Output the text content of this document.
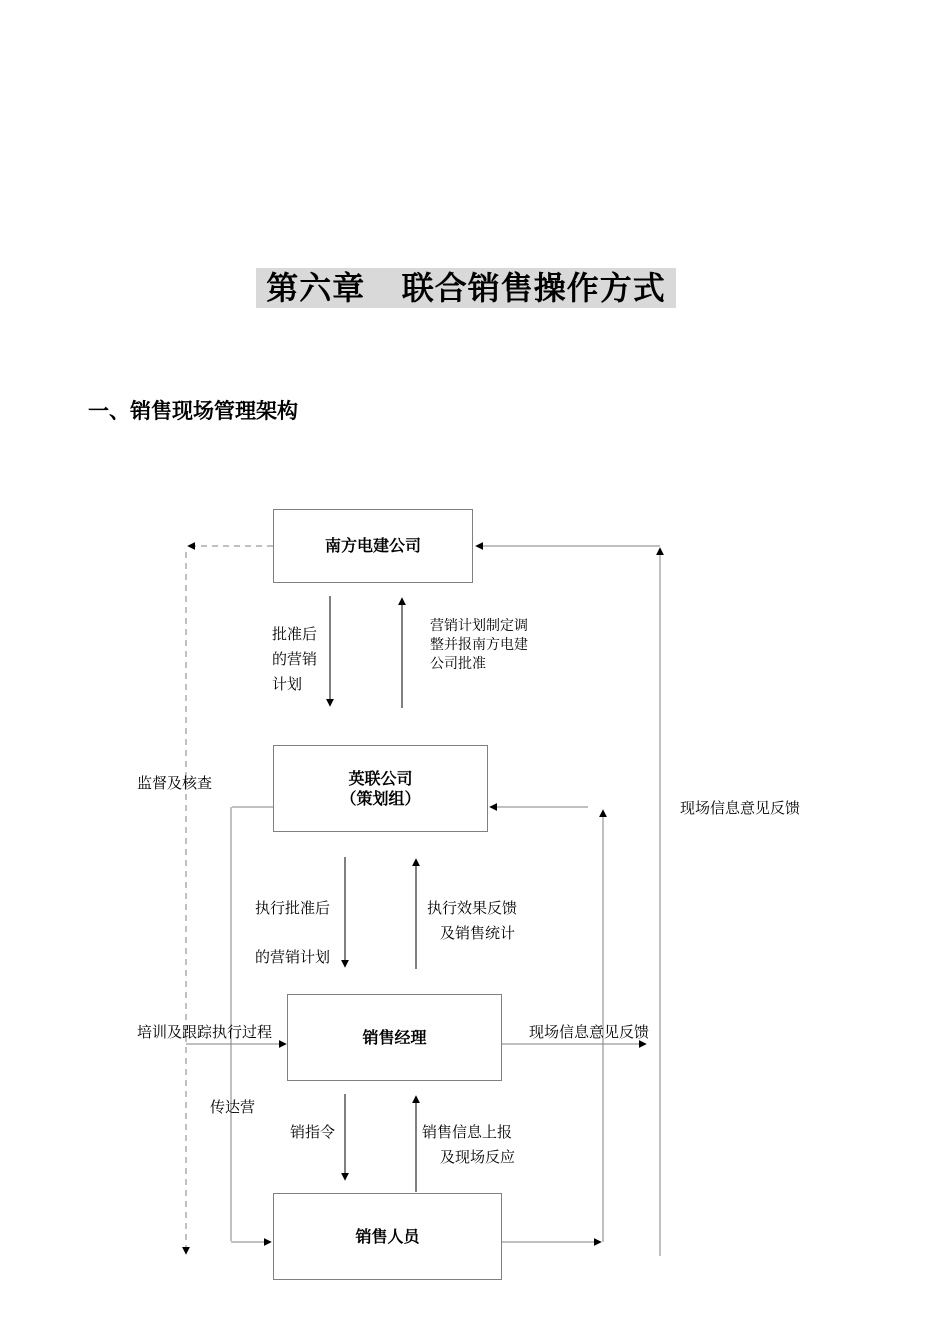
第六章   联合销售操作方式
一、销售现场管理架构
南方电建公司
英联公司
（策划组）
销售经理
销售人员
批准后
的营销
计划
营销计划制定调
整并报南方电建
公司批准
监督及核查
现场信息意见反馈
执行批准后
的营销计划
执行效果反馈
及销售统计
培训及跟踪执行过程	现场信息意见反馈
传达营
销指令	销售信息上报
及现场反应
